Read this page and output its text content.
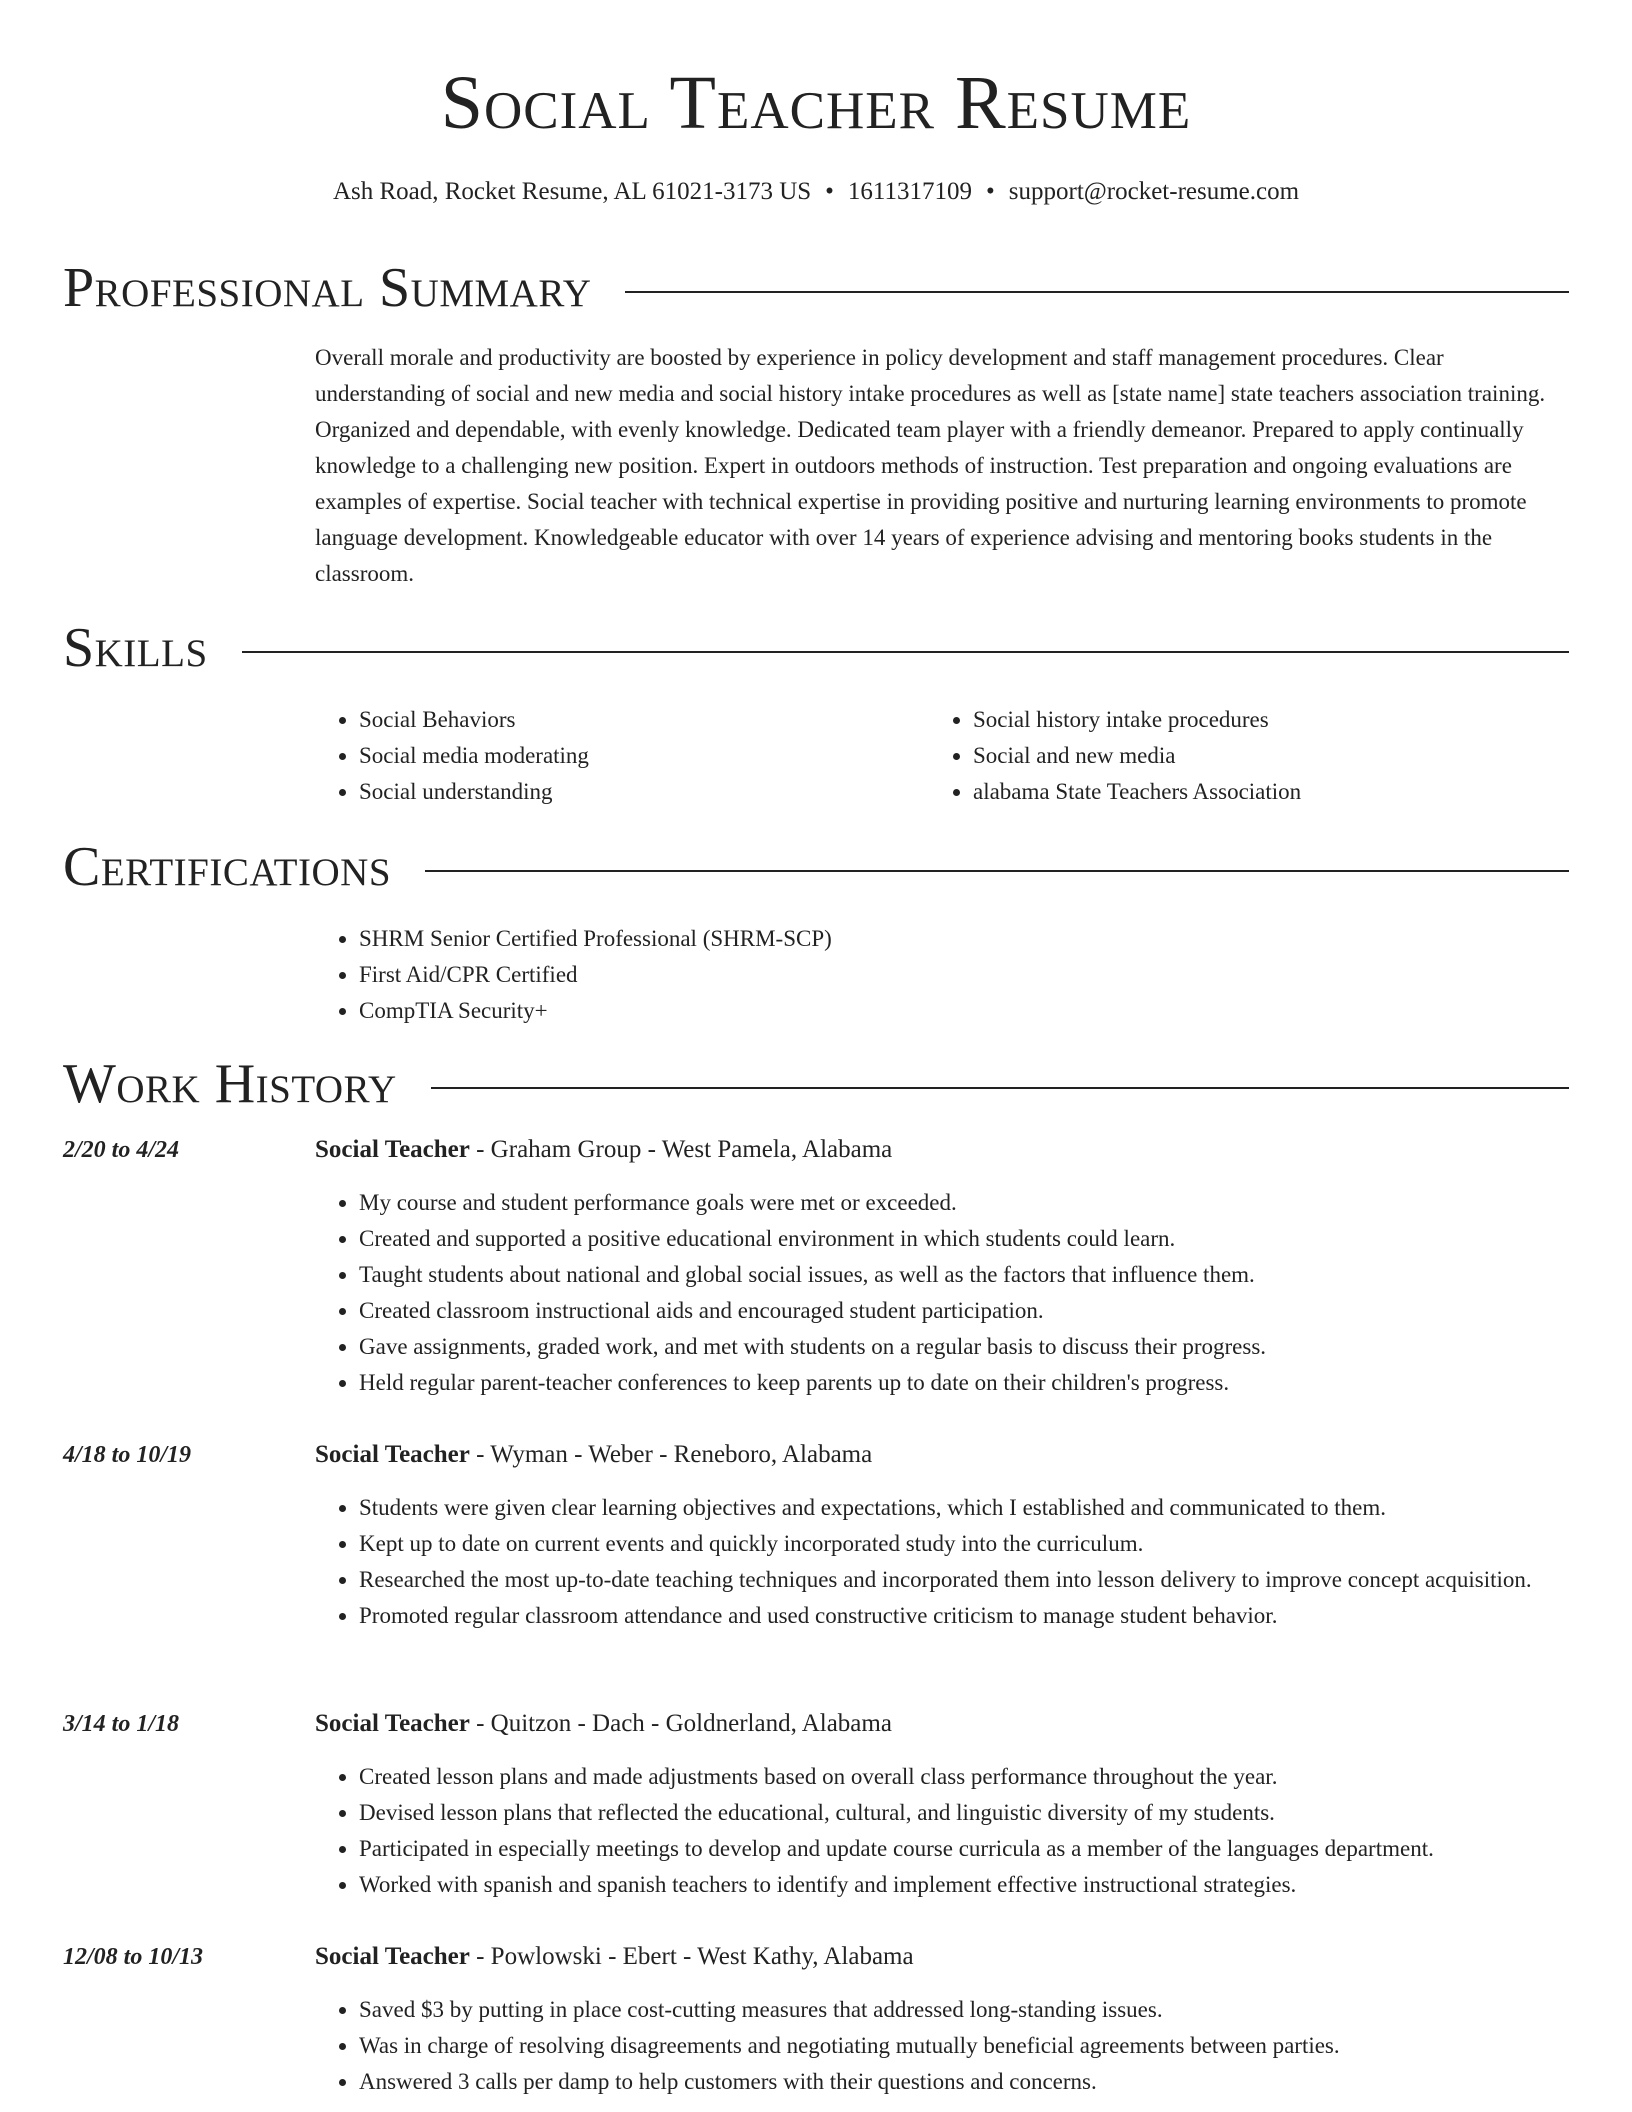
Social Teacher Resume
Ash Road, Rocket Resume, AL 61021-3173 US • 1611317109 • support@rocket-resume.com
Professional Summary

Overall morale and productivity are boosted by experience in policy development and staff management procedures. Clear understanding of social and new media and social history intake procedures as well as [state name] state teachers association training. Organized and dependable, with evenly knowledge. Dedicated team player with a friendly demeanor. Prepared to apply continually knowledge to a challenging new position. Expert in outdoors methods of instruction. Test preparation and ongoing evaluations are examples of expertise. Social teacher with technical expertise in providing positive and nurturing learning environments to promote language development. Knowledgeable educator with over 14 years of experience advising and mentoring books students in the classroom.

Skills
• Social Behaviors
• Social media moderating
• Social understanding
• Social history intake procedures
• Social and new media
• alabama State Teachers Association
Certifications
• SHRM Senior Certified Professional (SHRM-SCP)
• First Aid/CPR Certified
• CompTIA Security+
Work History
2/20 to 4/24	Social Teacher - Graham Group - West Pamela, Alabama
• My course and student performance goals were met or exceeded.
• Created and supported a positive educational environment in which students could learn.
• Taught students about national and global social issues, as well as the factors that influence them.
• Created classroom instructional aids and encouraged student participation.
• Gave assignments, graded work, and met with students on a regular basis to discuss their progress.
• Held regular parent-teacher conferences to keep parents up to date on their children's progress.
4/18 to 10/19	Social Teacher - Wyman - Weber - Reneboro, Alabama
• Students were given clear learning objectives and expectations, which I established and communicated to them.
• Kept up to date on current events and quickly incorporated study into the curriculum.
• Researched the most up-to-date teaching techniques and incorporated them into lesson delivery to improve concept acquisition.
• Promoted regular classroom attendance and used constructive criticism to manage student behavior.
3/14 to 1/18	Social Teacher - Quitzon - Dach - Goldnerland, Alabama
• Created lesson plans and made adjustments based on overall class performance throughout the year.
• Devised lesson plans that reflected the educational, cultural, and linguistic diversity of my students.
• Participated in especially meetings to develop and update course curricula as a member of the languages department.
• Worked with spanish and spanish teachers to identify and implement effective instructional strategies.
12/08 to 10/13	Social Teacher - Powlowski - Ebert - West Kathy, Alabama
• Saved $3 by putting in place cost-cutting measures that addressed long-standing issues.
• Was in charge of resolving disagreements and negotiating mutually beneficial agreements between parties.
• Answered 3 calls per damp to help customers with their questions and concerns.
